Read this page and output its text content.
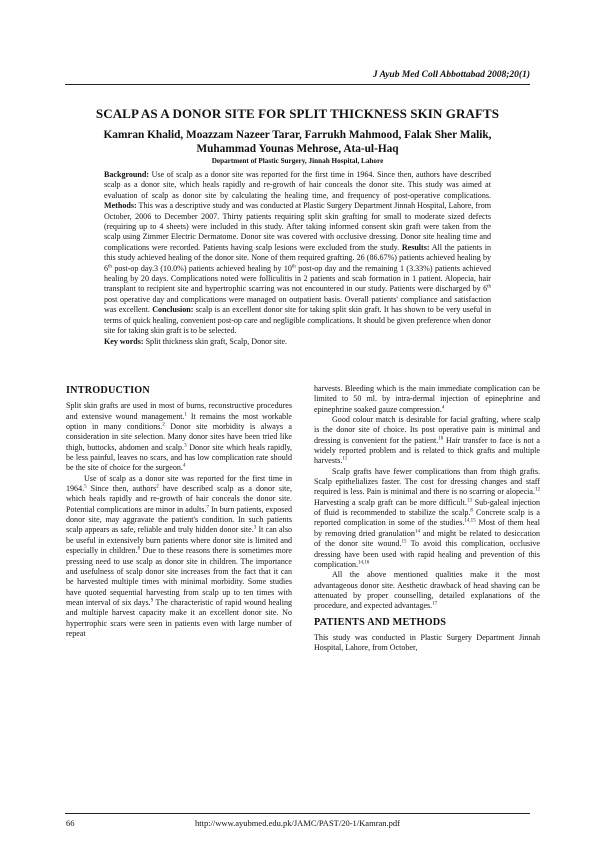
J Ayub Med Coll Abbottabad 2008;20(1)
SCALP AS A DONOR SITE FOR SPLIT THICKNESS SKIN GRAFTS
Kamran Khalid, Moazzam Nazeer Tarar, Farrukh Mahmood, Falak Sher Malik,
Muhammad Younas Mehrose, Ata-ul-Haq
Department of Plastic Surgery, Jinnah Hospital, Lahore
Background: Use of scalp as a donor site was reported for the first time in 1964. Since then, authors have described scalp as a donor site, which heals rapidly and re-growth of hair conceals the donor site. This study was aimed at evaluation of scalp as donor site by calculating the healing time, and frequency of post-operative complications. Methods: This was a descriptive study and was conducted at Plastic Surgery Department Jinnah Hospital, Lahore, from October, 2006 to December 2007. Thirty patients requiring split skin grafting for small to moderate sized defects (requiring up to 4 sheets) were included in this study. After taking informed consent skin graft were taken from the scalp using Zimmer Electric Dermatome. Donor site was covered with occlusive dressing. Donor site healing time and complications were recorded. Patients having scalp lesions were excluded from the study. Results: All the patients in this study achieved healing of the donor site. None of them required grafting. 26 (86.67%) patients achieved healing by 6th post-op day.3 (10.0%) patients achieved healing by 10th post-op day and the remaining 1 (3.33%) patients achieved healing by 20 days. Complications noted were folliculitis in 2 patients and scab formation in 1 patient. Alopecia, hair transplant to recipient site and hypertrophic scarring was not encountered in our study. Patients were discharged by 6th post operative day and complications were managed on outpatient basis. Overall patients' compliance and satisfaction was excellent. Conclusion: scalp is an excellent donor site for taking split skin graft. It has shown to be very useful in terms of quick healing, convenient post-op care and negligible complications. It should be given preference when donor site for taking skin graft is to be selected.
Key words: Split thickness skin graft, Scalp, Donor site.
INTRODUCTION

Split skin grafts are used in most of burns, reconstructive procedures and extensive wound management.$^1$ It remains the most workable option in many conditions.$^2$ Donor site morbidity is always a consideration in site selection. Many donor sites have been tried like thigh, buttocks, abdomen and scalp.$^3$ Donor site which heals rapidly, be less painful, leaves no scars, and has low complication rate should be the site of choice for the surgeon.$^4$

Use of scalp as a donor site was reported for the first time in 1964.$^5$ Since then, authors$^2$ have described scalp as a donor site, which heals rapidly and re-growth of hair conceals the donor site. Potential complications are minor in adults.$^7$ In burn patients, exposed donor site, may aggravate the patient's condition. In such patients scalp appears as safe, reliable and truly hidden donor site.$^3$ It can also be useful in extensively burn patients where donor site is limited and especially in children.$^8$ Due to these reasons there is sometimes more pressing need to use scalp as donor site in children. The importance and usefulness of scalp donor site increases from the fact that it can be harvested multiple times with minimal morbidity. Some studies have quoted sequential harvesting from scalp up to ten times with mean interval of six days.$^9$ The characteristic of rapid wound healing and multiple harvest capacity make it an excellent donor site. No hypertrophic scars were seen in patients even with large number of repeat

harvests. Bleeding which is the main immediate complication can be limited to 50 ml. by intra-dermal injection of epinephrine and epinephrine soaked gauze compression.$^4$

Good colour match is desirable for facial grafting, where scalp is the donor site of choice. Its post operative pain is minimal and dressing is convenient for the patient.$^{10}$ Hair transfer to face is not a widely reported problem and is related to thick grafts and multiple harvests.$^{11}$

Scalp grafts have fewer complications than from thigh grafts. Scalp epithelializes faster. The cost for dressing changes and staff required is less. Pain is minimal and there is no scarring or alopecia.$^{12}$ Harvesting a scalp graft can be more difficult.$^{13}$ Sub-galeal injection of fluid is recommended to stabilize the scalp.$^8$ Concrete scalp is a reported complication in some of the studies.$^{14,15}$ Most of them heal by removing dried granulation$^{14}$ and might be related to desiccation of the donor site wound.$^{15}$ To avoid this complication, occlusive dressing have been used with rapid healing and prevention of this complication.$^{14,16}$

All the above mentioned qualities make it the most advantageous donor site. Aesthetic drawback of head shaving can be attenuated by proper counselling, detailed explanations of the procedure, and expected advantages.$^{17}$

PATIENTS AND METHODS

This study was conducted in Plastic Surgery Department Jinnah Hospital, Lahore, from October,

66	http://www.ayubmed.edu.pk/JAMC/PAST/20-1/Kamran.pdf
